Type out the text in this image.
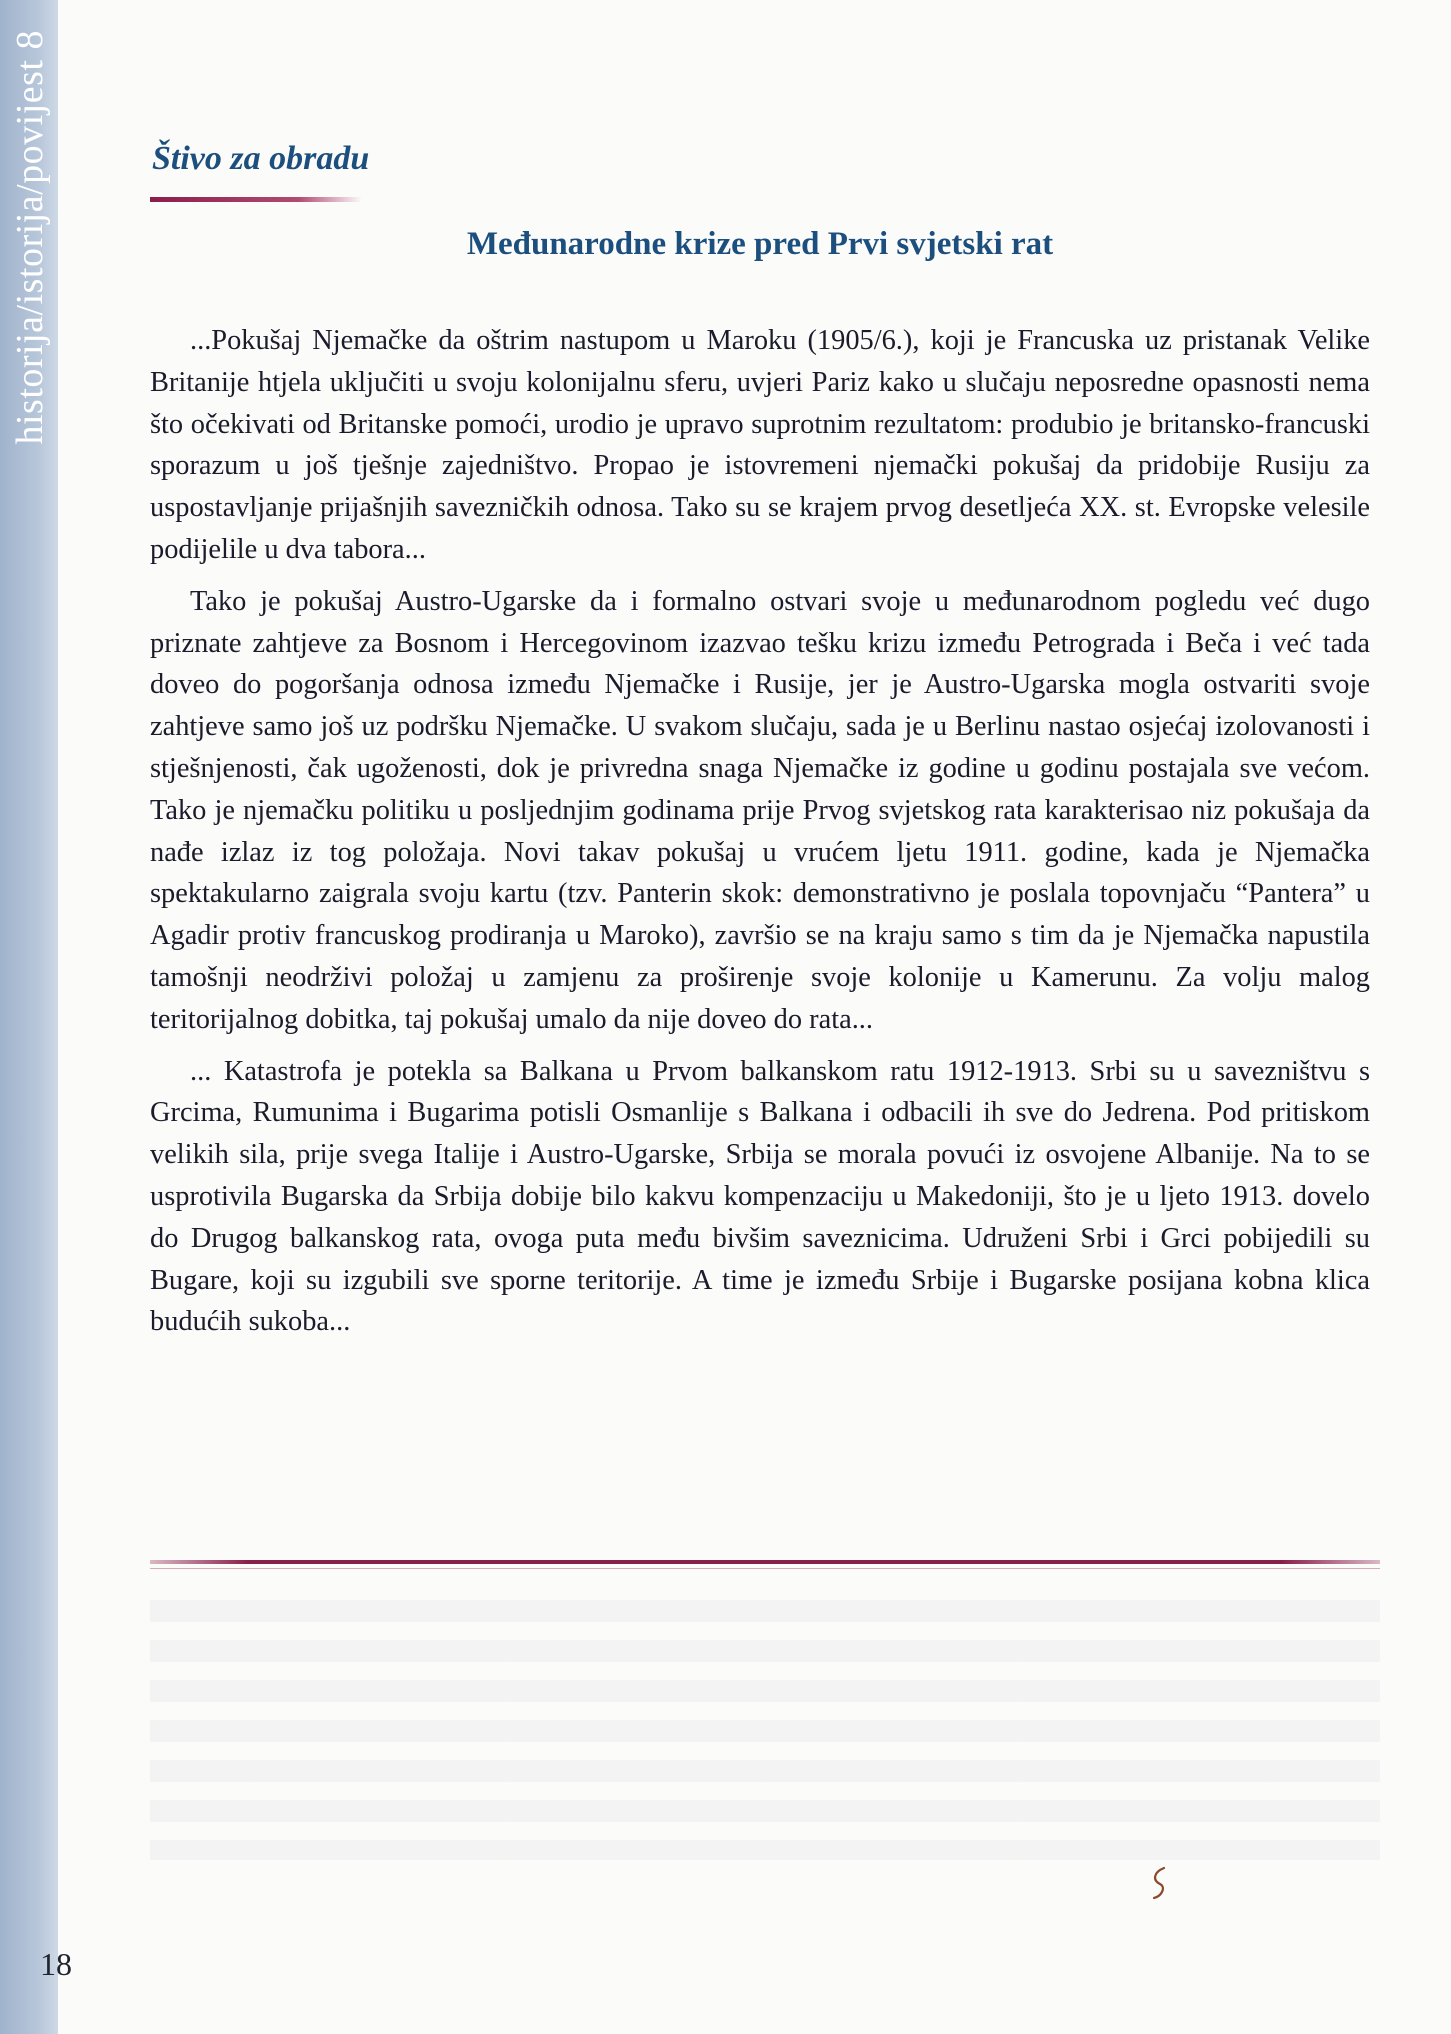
historija/istorija/povijest 8	Štivo za obradu
Međunarodne krize pred Prvi svjetski rat

...Pokušaj Njemačke da oštrim nastupom u Maroku (1905/6.), koji je Francuska uz pristanak Velike Britanije htjela uključiti u svoju kolonijalnu sferu, uvjeri Pariz kako u slučaju neposredne opasnosti nema što očekivati od Britanske pomoći, urodio je upravo suprotnim rezultatom: produbio je britansko-francuski sporazum u još tješnje zajedništvo. Propao je istovremeni njemački pokušaj da pridobije Rusiju za uspostavljanje prijašnjih savezničkih odnosa. Tako su se krajem prvog desetljeća XX. st. Evropske velesile podijelile u dva tabora...

Tako je pokušaj Austro-Ugarske da i formalno ostvari svoje u međunarodnom pogledu već dugo priznate zahtjeve za Bosnom i Hercegovinom izazvao tešku krizu između Petrograda i Beča i već tada doveo do pogoršanja odnosa između Njemačke i Rusije, jer je Austro-Ugarska mogla ostvariti svoje zahtjeve samo još uz podršku Njemačke. U svakom slučaju, sada je u Berlinu nastao osjećaj izolovanosti i stješnjenosti, čak ugoženosti, dok je privredna snaga Njemačke iz godine u godinu postajala sve većom. Tako je njemačku politiku u posljednjim godinama prije Prvog svjetskog rata karakterisao niz pokušaja da nađe izlaz iz tog položaja. Novi takav pokušaj u vrućem ljetu 1911. godine, kada je Njemačka spektakularno zaigrala svoju kartu (tzv. Panterin skok: demonstrativno je poslala topovnjaču “Pantera” u Agadir protiv francuskog prodiranja u Maroko), završio se na kraju samo s tim da je Njemačka napustila tamošnji neodrživi položaj u zamjenu za proširenje svoje kolonije u Kamerunu. Za volju malog teritorijalnog dobitka, taj pokušaj umalo da nije doveo do rata...

... Katastrofa je potekla sa Balkana u Prvom balkanskom ratu 1912-1913. Srbi su u savezništvu s Grcima, Rumunima i Bugarima potisli Osmanlije s Balkana i odbacili ih sve do Jedrena. Pod pritiskom velikih sila, prije svega Italije i Austro-Ugarske, Srbija se morala povući iz osvojene Albanije. Na to se usprotivila Bugarska da Srbija dobije bilo kakvu kompenzaciju u Makedoniji, što je u ljeto 1913. dovelo do Drugog balkanskog rata, ovoga puta među bivšim saveznicima. Udruženi Srbi i Grci pobijedili su Bugare, koji su izgubili sve sporne teritorije. A time je između Srbije i Bugarske posijana kobna klica budućih sukoba...

18
